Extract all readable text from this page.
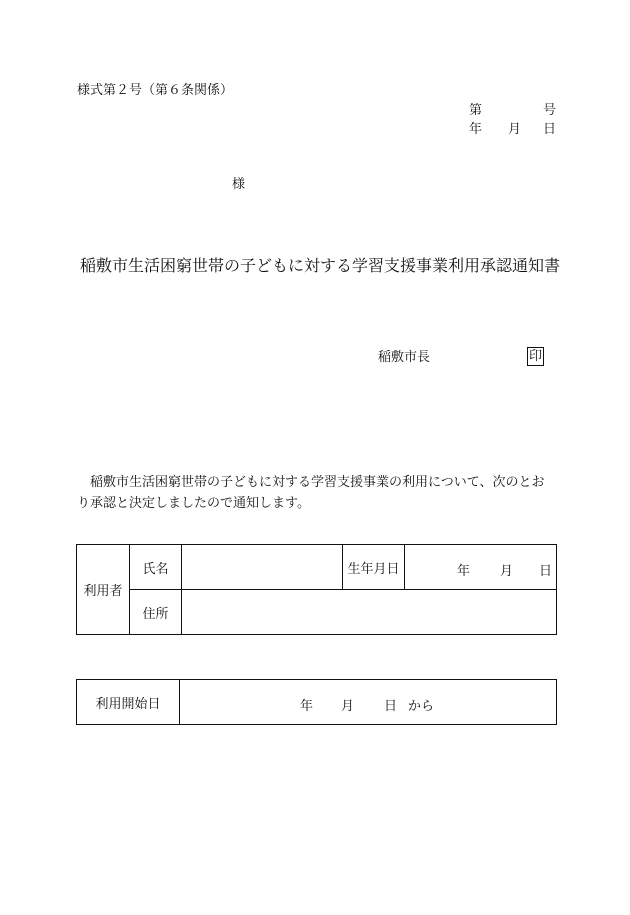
様式第２号（第６条関係）
第	号
年 月 日
様
稲敷市生活困窮世帯の子どもに対する学習支援事業利用承認通知書
稲敷市長	印
稲敷市生活困窮世帯の子どもに対する学習支援事業の利用について、次のとおり承認と決定しましたので通知します。
利用者	氏名		生年月日	年 月 日

	住所			
利用開始日	年 月 日 から
